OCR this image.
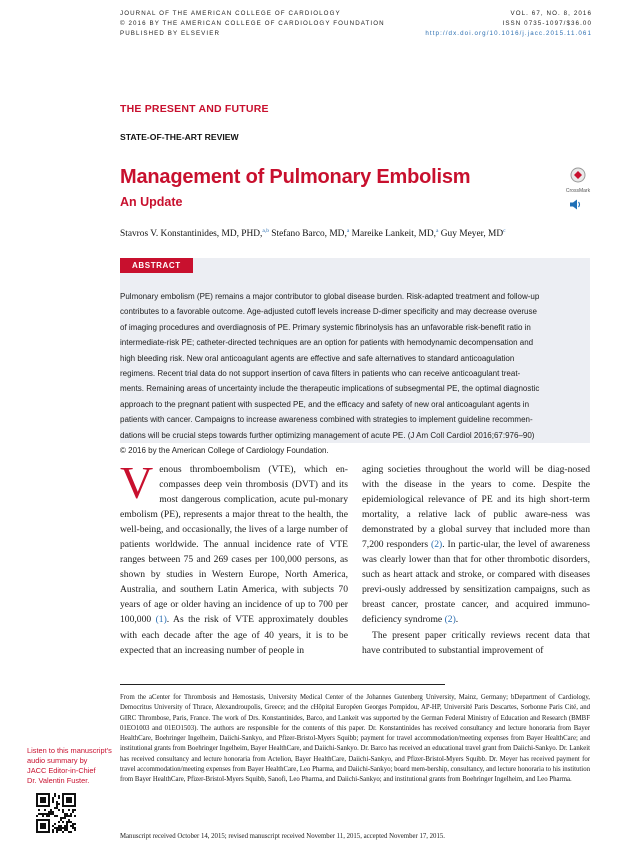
JOURNAL OF THE AMERICAN COLLEGE OF CARDIOLOGY
© 2016 BY THE AMERICAN COLLEGE OF CARDIOLOGY FOUNDATION
PUBLISHED BY ELSEVIER
VOL. 67, NO. 8, 2016
ISSN 0735-1097/$36.00
http://dx.doi.org/10.1016/j.jacc.2015.11.061
THE PRESENT AND FUTURE
STATE-OF-THE-ART REVIEW
Management of Pulmonary Embolism
An Update
CrossMark
Stavros V. Konstantinides, MD, PHD,$^{a,b}$ Stefano Barco, MD,$^a$ Mareike Lankeit, MD,$^a$ Guy Meyer, $MD^c$
ABSTRACT
Pulmonary embolism (PE) remains a major contributor to global disease burden. Risk-adapted treatment and follow-up
contributes to a favorable outcome. Age-adjusted cutoff levels increase D-dimer specificity and may decrease overuse
of imaging procedures and overdiagnosis of PE. Primary systemic fibrinolysis has an unfavorable risk-benefit ratio in
intermediate-risk PE; catheter-directed techniques are an option for patients with hemodynamic decompensation and
high bleeding risk. New oral anticoagulant agents are effective and safe alternatives to standard anticoagulation
regimens. Recent trial data do not support insertion of cava filters in patients who can receive anticoagulant treat-
ments. Remaining areas of uncertainty include the therapeutic implications of subsegmental PE, the optimal diagnostic
approach to the pregnant patient with suspected PE, and the efficacy and safety of new oral anticoagulant agents in
patients with cancer. Campaigns to increase awareness combined with strategies to implement guideline recommen-
dations will be crucial steps towards further optimizing management of acute PE. (J Am Coll Cardiol 2016;67:976–90)
© 2016 by the American College of Cardiology Foundation.

Venous thromboembolism (VTE), which en-compasses deep vein thrombosis (DVT) and its most dangerous complication, acute pul-monary embolism (PE), represents a major threat to the health, the well-being, and occasionally, the lives of a large number of patients worldwide. The annual incidence rate of VTE ranges between 75 and 269 cases per 100,000 persons, as shown by studies in Western Europe, North America, Australia, and southern Latin America, with subjects 70 years of age or older having an incidence of up to 700 per 100,000 (1). As the risk of VTE approximately doubles with each decade after the age of 40 years, it is to be expected that an increasing number of people in

aging societies throughout the world will be diag-nosed with the disease in the years to come. Despite the epidemiological relevance of PE and its high short-term mortality, a relative lack of public aware-ness was demonstrated by a global survey that included more than 7,200 responders (2). In partic-ular, the level of awareness was clearly lower than that for other thrombotic disorders, such as heart attack and stroke, or compared with diseases previ-ously addressed by sensitization campaigns, such as breast cancer, prostate cancer, and acquired immuno-deficiency syndrome (2).

The present paper critically reviews recent data that have contributed to substantial improvement of

From the aCenter for Thrombosis and Hemostasis, University Medical Center of the Johannes Gutenberg University, Mainz, Germany; bDepartment of Cardiology, Democritus University of Thrace, Alexandroupolis, Greece; and the cHôpital Européen Georges Pompidou, AP-HP, Université Paris Descartes, Sorbonne Paris Cité, and GIRC Thrombose, Paris, France. The work of Drs. Konstantinides, Barco, and Lankeit was supported by the German Federal Ministry of Education and Research (BMBF 01EO1003 and 01EO1503). The authors are responsible for the contents of this paper. Dr. Konstantinides has received consultancy and lecture honoraria from Bayer HealthCare, Boehringer Ingelheim, Daiichi-Sankyo, and Pfizer-Bristol-Myers Squibb; payment for travel accommodation/meeting expenses from Bayer HealthCare; and institutional grants from Boehringer Ingelheim, Bayer HealthCare, and Daiichi-Sankyo. Dr. Barco has received an educational travel grant from Daiichi-Sankyo. Dr. Lankeit has received consultancy and lecture honoraria from Actelion, Bayer HealthCare, Daiichi-Sankyo, and Pfizer-Bristol-Myers Squibb. Dr. Meyer has received payment for travel accommodation/meeting expenses from Bayer HealthCare, Leo Pharma, and Daiichi-Sankyo; board mem-bership, consultancy, and lecture honoraria to his institution from Bayer HealthCare, Pfizer-Bristol-Myers Squibb, Sanofi, Leo Pharma, and Daiichi-Sankyo; and institutional grants from Boehringer Ingelheim, and Leo Pharma.
Manuscript received October 14, 2015; revised manuscript received November 11, 2015, accepted November 17, 2015.
Listen to this manuscript's
audio summary by
JACC Editor-in-Chief
Dr. Valentin Fuster.
